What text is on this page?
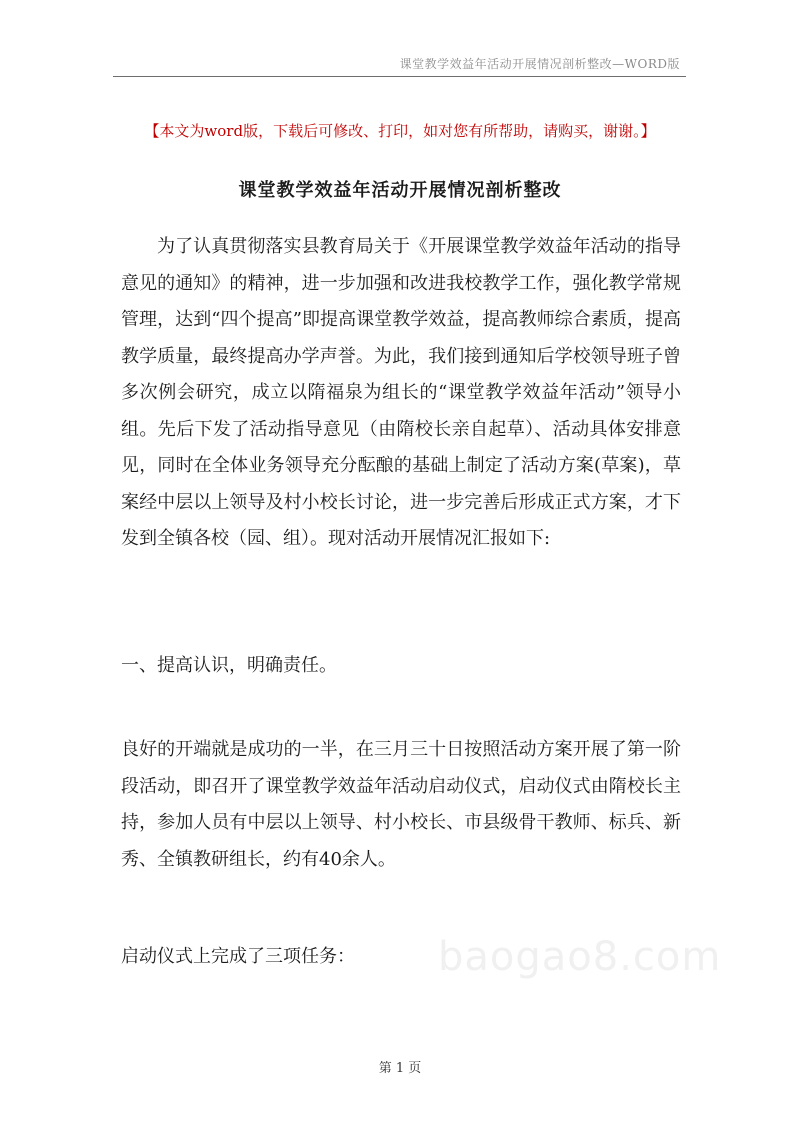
课堂教学效益年活动开展情况剖析整改—WORD版
【本文为word版，下载后可修改、打印，如对您有所帮助，请购买，谢谢。】
课堂教学效益年活动开展情况剖析整改

为了认真贯彻落实县教育局关于《开展课堂教学效益年活动的指导意见的通知》的精神，进一步加强和改进我校教学工作，强化教学常规管理，达到“四个提高”即提高课堂教学效益，提高教师综合素质，提高教学质量，最终提高办学声誉。为此，我们接到通知后学校领导班子曾多次例会研究，成立以隋福泉为组长的“课堂教学效益年活动”领导小组。先后下发了活动指导意见（由隋校长亲自起草）、活动具体安排意见，同时在全体业务领导充分酝酿的基础上制定了活动方案(草案)，草案经中层以上领导及村小校长讨论，进一步完善后形成正式方案，才下发到全镇各校（园、组）。现对活动开展情况汇报如下:

一、提高认识，明确责任。

良好的开端就是成功的一半，在三月三十日按照活动方案开展了第一阶段活动，即召开了课堂教学效益年活动启动仪式，启动仪式由隋校长主持，参加人员有中层以上领导、村小校长、市县级骨干教师、标兵、新秀、全镇教研组长，约有40余人。

启动仪式上完成了三项任务：	baogao8.com
第 1 页
